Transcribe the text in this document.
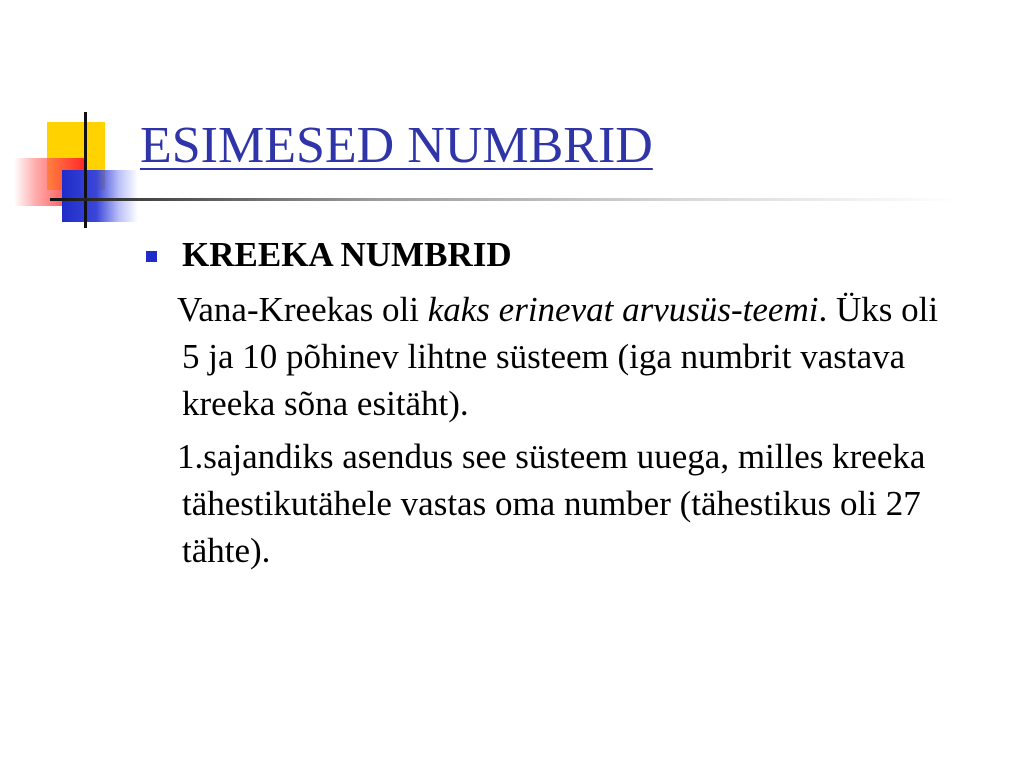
ESIMESED NUMBRID
KREEKA NUMBRID
Vana-Kreekas oli kaks erinevat arvusüs-teemi. Üks oli 5 ja 10 põhinev lihtne süsteem (iga numbrit vastava kreeka sõna esitäht).
1.sajandiks asendus see süsteem uuega, milles kreeka tähestikutähele vastas oma number (tähestikus oli 27 tähte).
